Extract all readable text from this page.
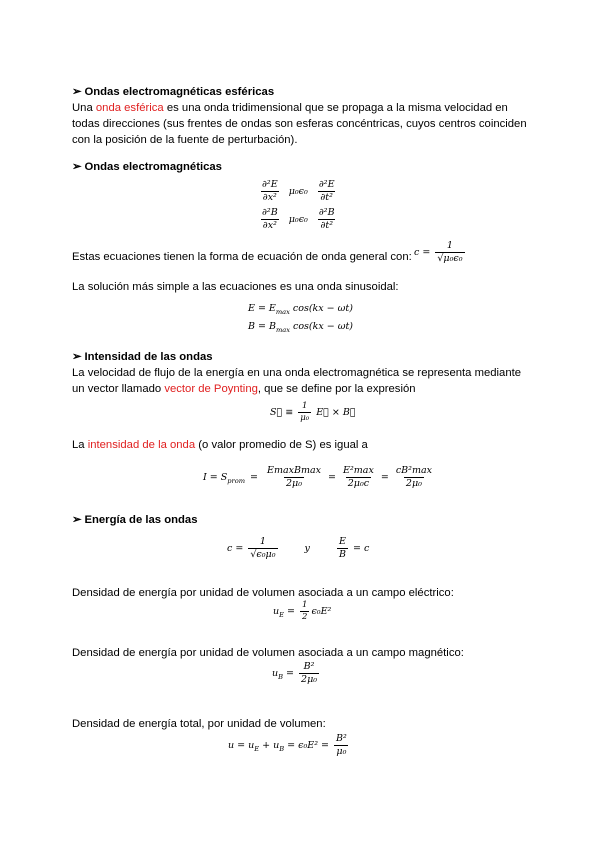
➢ Ondas electromagnéticas esféricas
Una onda esférica es una onda tridimensional que se propaga a la misma velocidad en todas direcciones (sus frentes de ondas son esferas concéntricas, cuyos centros coinciden con la posición de la fuente de perturbación).
➢ Ondas electromagnéticas
$\frac{\text{∂²E}}{\text{∂x²}} \mu_0\epsilon_0 \frac{\text{∂²E}}{\text{∂t²}}$
$\frac{\text{∂²B}}{\text{∂x²}} \mu_0\epsilon_0 \frac{\text{∂²B}}{\text{∂t²}}$
Estas ecuaciones tienen la forma de ecuación de onda general con: $c = \frac{1}{\text{√μ₀ϵ₀}}$
La solución más simple a las ecuaciones es una onda sinusoidal:
$E = E_{max}$ cos(kx − ωt)
$B = B_{max}$ cos(kx − ωt)
➢ Intensidad de las ondas
La velocidad de flujo de la energía en una onda electromagnética se representa mediante un vector llamado vector de Poynting, que se define por la expresión
S⃗ ≡ $\frac{1}{\text{μ₀}}$ E⃗ × B⃗
La intensidad de la onda (o valor promedio de S) es igual a
$I = S_{prom} = \frac{\text{EmaxBmax}}{\text{2μ₀}} = \frac{\text{E²max}}{\text{2μ₀c}} = \frac{\text{cB²max}}{\text{2μ₀}}$
➢ Energía de las ondas
$c = \frac{1}{\text{√ϵ₀μ₀}}$	y	$\frac{E}{B} = c$
Densidad de energía por unidad de volumen asociada a un campo eléctrico:
$u_E = \frac{1}{2} \epsilon_0E^2$
Densidad de energía por unidad de volumen asociada a un campo magnético:
$u_B = \frac{\text{B²}}{\text{2μ₀}}$
Densidad de energía total, por unidad de volumen:
$u = u_E + u_B = \epsilon_0E^2 = \frac{\text{B²}}{\text{μ₀}}$
